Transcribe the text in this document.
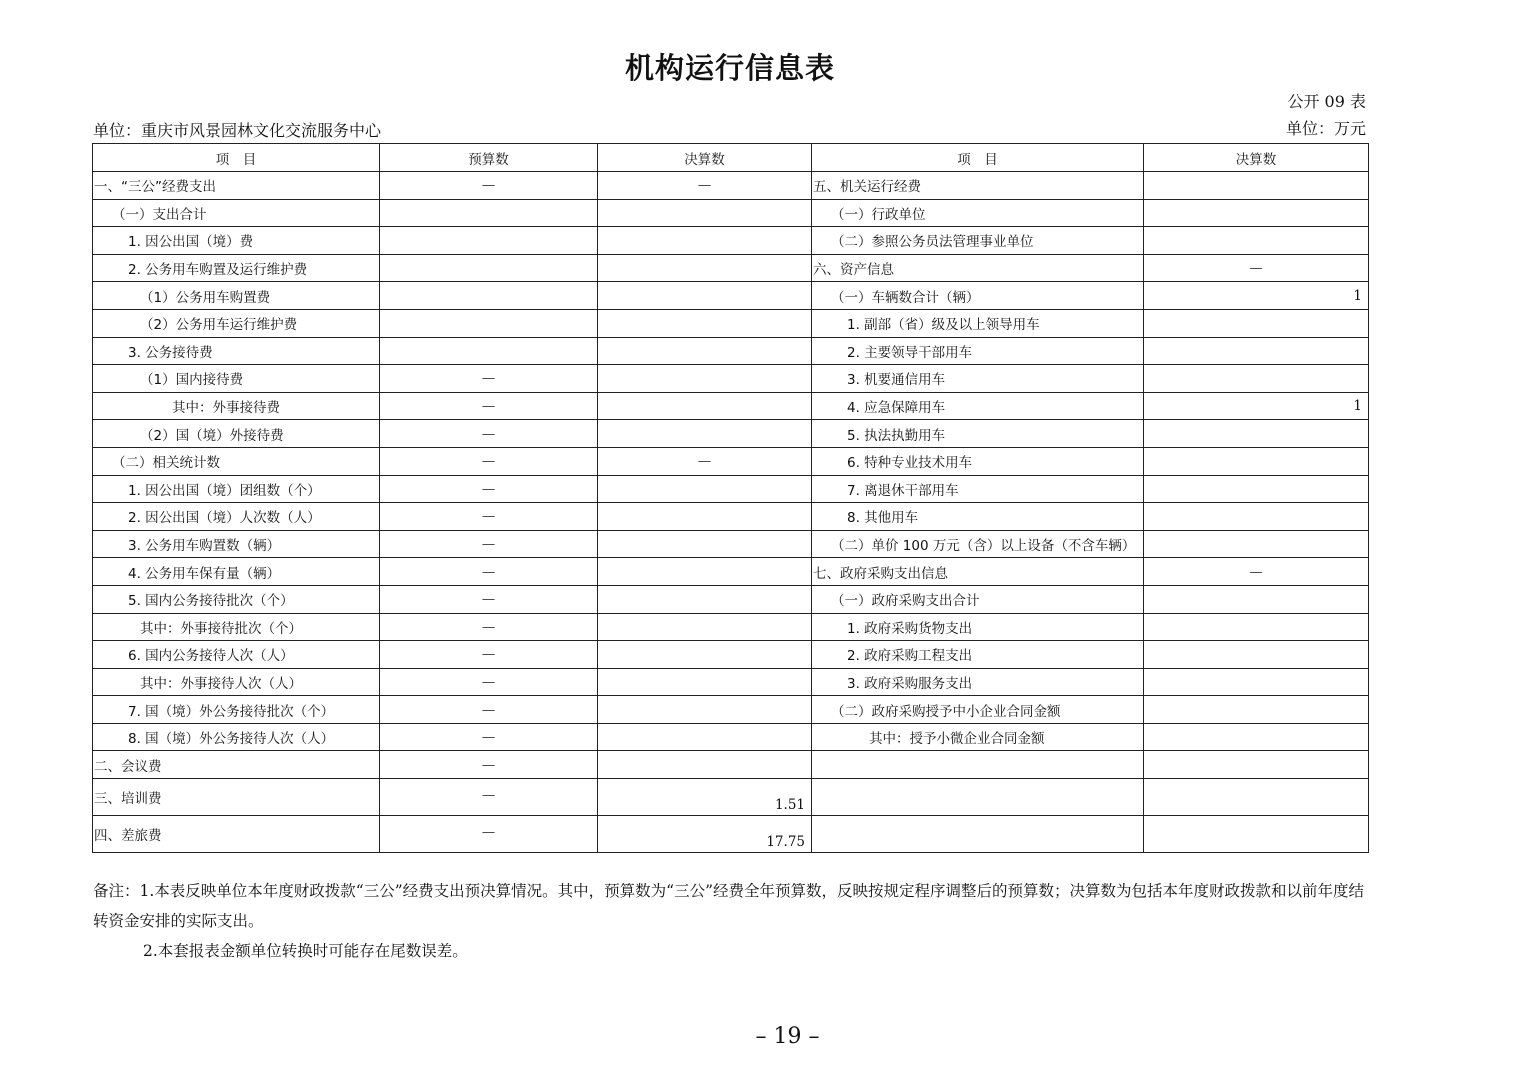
机构运行信息表
公开 09 表
单位：重庆市风景园林文化交流服务中心	单位：万元
项　目	预算数	决算数	项　目	决算数
一、“三公”经费支出	—	—	五、机关运行经费	
（一）支出合计			（一）行政单位	
1. 因公出国（境）费			（二）参照公务员法管理事业单位	
2. 公务用车购置及运行维护费			六、资产信息	—
（1）公务用车购置费			（一）车辆数合计（辆）	1
（2）公务用车运行维护费			1. 副部（省）级及以上领导用车	
3. 公务接待费			2. 主要领导干部用车	
（1）国内接待费	—		3. 机要通信用车	
其中：外事接待费	—		4. 应急保障用车	1
（2）国（境）外接待费	—		5. 执法执勤用车	
（二）相关统计数	—	—	6. 特种专业技术用车	
1. 因公出国（境）团组数（个）	—		7. 离退休干部用车	
2. 因公出国（境）人次数（人）	—		8. 其他用车	
3. 公务用车购置数（辆）	—		（二）单价 100 万元（含）以上设备（不含车辆）	
4. 公务用车保有量（辆）	—		七、政府采购支出信息	—
5. 国内公务接待批次（个）	—		（一）政府采购支出合计	
其中：外事接待批次（个）	—		1. 政府采购货物支出	
6. 国内公务接待人次（人）	—		2. 政府采购工程支出	
其中：外事接待人次（人）	—		3. 政府采购服务支出	
7. 国（境）外公务接待批次（个）	—		（二）政府采购授予中小企业合同金额	
8. 国（境）外公务接待人次（人）	—		其中：授予小微企业合同金额	
二、会议费	—			
三、培训费	—	1.51		
四、差旅费	—	17.75		

备注：1.本表反映单位本年度财政拨款“三公”经费支出预决算情况。其中，预算数为“三公”经费全年预算数，反映按规定程序调整后的预算数；决算数为包括本年度财政拨款和以前年度结转资金安排的实际支出。

2.本套报表金额单位转换时可能存在尾数误差。

– 19 –
